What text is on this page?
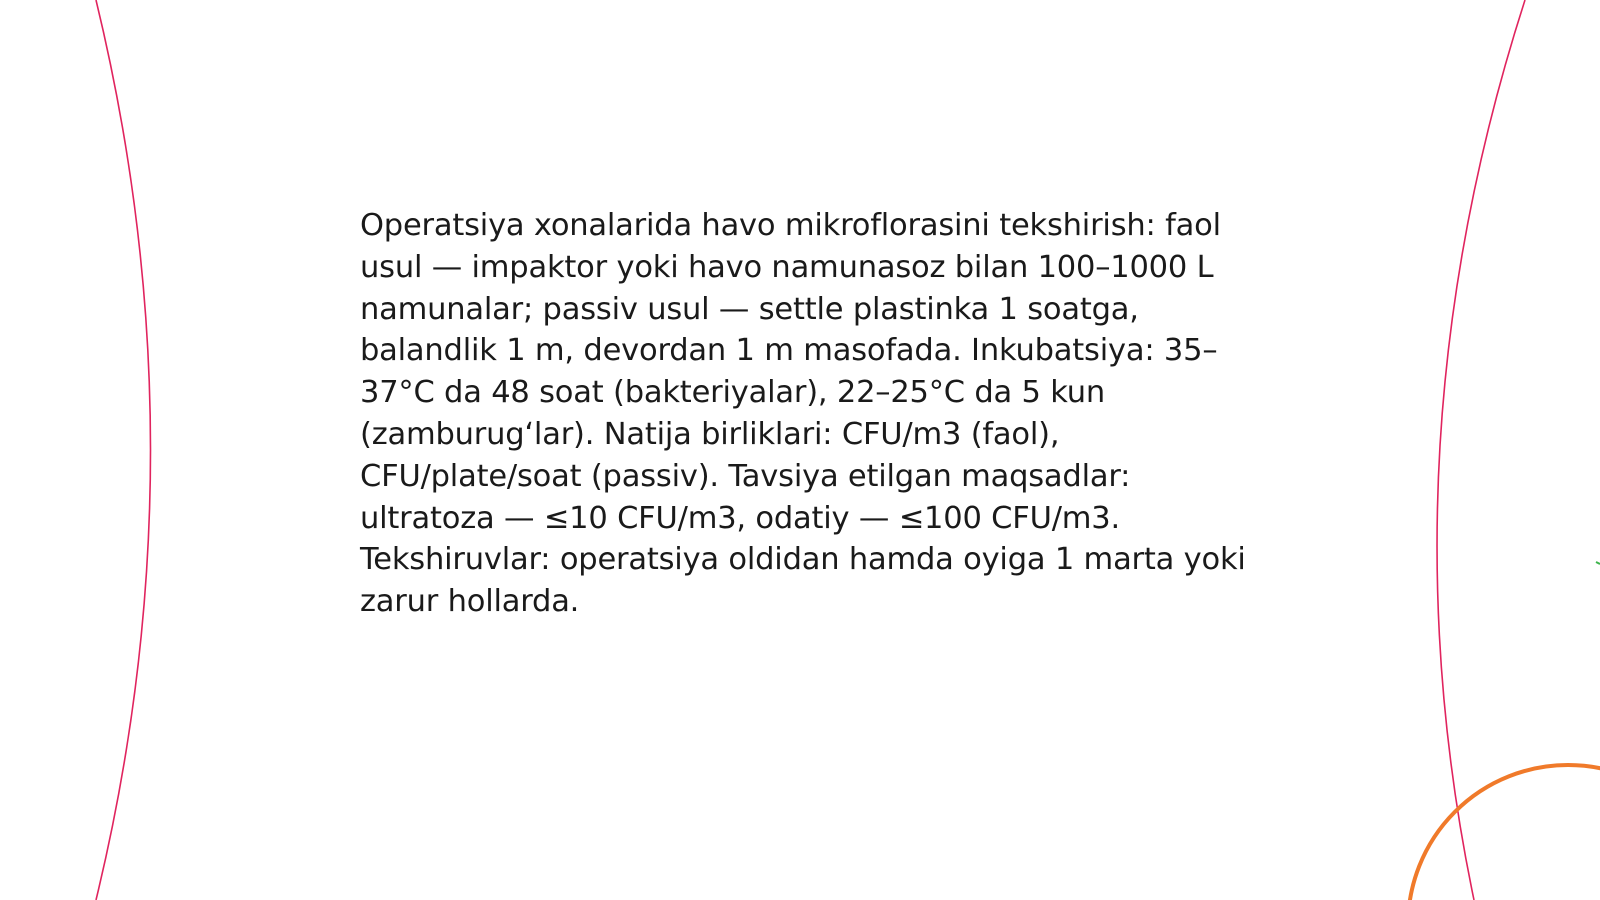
Operatsiya xonalarida havo mikroflorasini tekshirish: faol usul — impaktor yoki havo namunasoz bilan 100–1000 L namunalar; passiv usul — settle plastinka 1 soatga, balandlik 1 m, devordan 1 m masofada. Inkubatsiya: 35–37°C da 48 soat (bakteriyalar), 22–25°C da 5 kun (zamburug‘lar). Natija birliklari: CFU/m3 (faol), CFU/plate/soat (passiv). Tavsiya etilgan maqsadlar: ultratoza — ≤10 CFU/m3, odatiy — ≤100 CFU/m3. Tekshiruvlar: operatsiya oldidan hamda oyiga 1 marta yoki zarur hollarda.
